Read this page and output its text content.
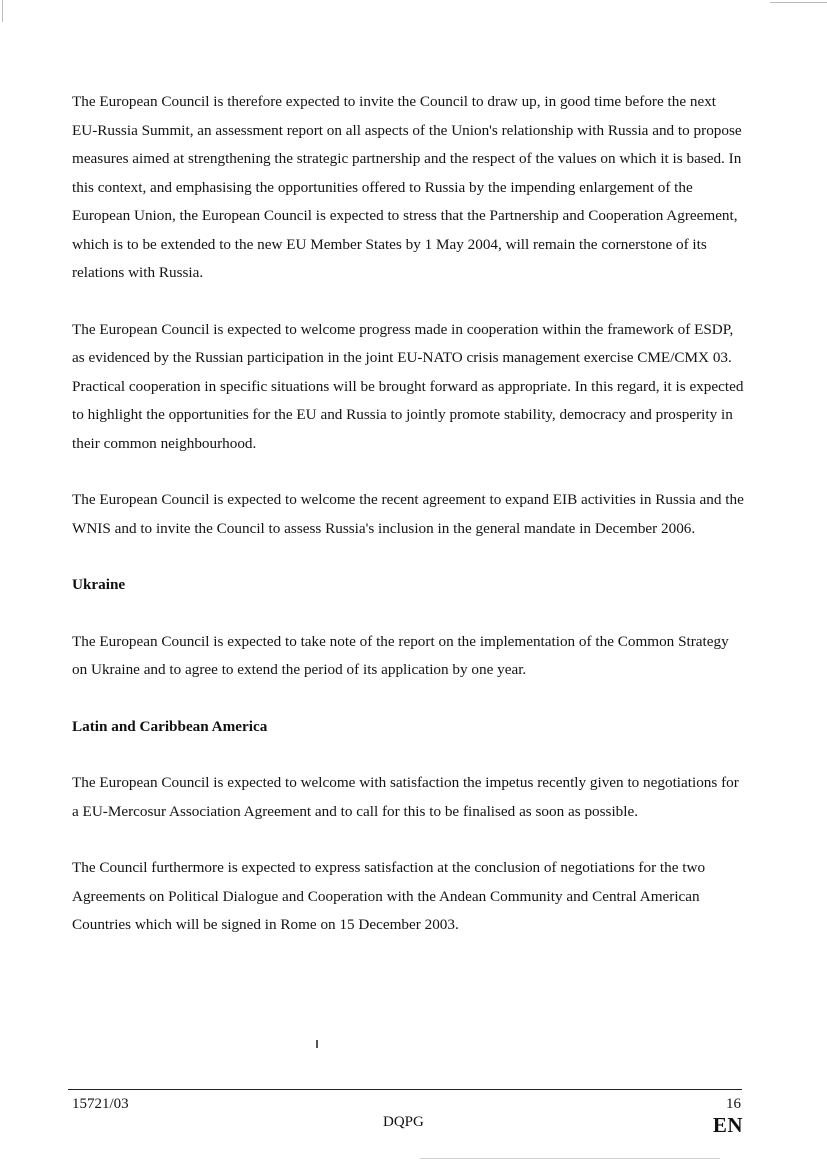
The European Council is therefore expected to invite the Council to draw up, in good time before the next EU-Russia Summit, an assessment report on all aspects of the Union's relationship with Russia and to propose measures aimed at strengthening the strategic partnership and the respect of the values on which it is based. In this context, and emphasising the opportunities offered to Russia by the impending enlargement of the European Union, the European Council is expected to stress that the Partnership and Cooperation Agreement, which is to be extended to the new EU Member States by 1 May 2004, will remain the cornerstone of its relations with Russia.

The European Council is expected to welcome progress made in cooperation within the framework of ESDP, as evidenced by the Russian participation in the joint EU-NATO crisis management exercise CME/CMX 03. Practical cooperation in specific situations will be brought forward as appropriate. In this regard, it is expected to highlight the opportunities for the EU and Russia to jointly promote stability, democracy and prosperity in their common neighbourhood.

The European Council is expected to welcome the recent agreement to expand EIB activities in Russia and the WNIS and to invite the Council to assess Russia's inclusion in the general mandate in December 2006.

Ukraine

The European Council is expected to take note of the report on the implementation of the Common Strategy on Ukraine and to agree to extend the period of its application by one year.

Latin and Caribbean America

The European Council is expected to welcome with satisfaction the impetus recently given to negotiations for a EU-Mercosur Association Agreement and to call for this to be finalised as soon as possible.

The Council furthermore is expected to express satisfaction at the conclusion of negotiations for the two Agreements on Political Dialogue and Cooperation with the Andean Community and Central American Countries which will be signed in Rome on 15 December 2003.

15721/03
DQPG
16
EN
